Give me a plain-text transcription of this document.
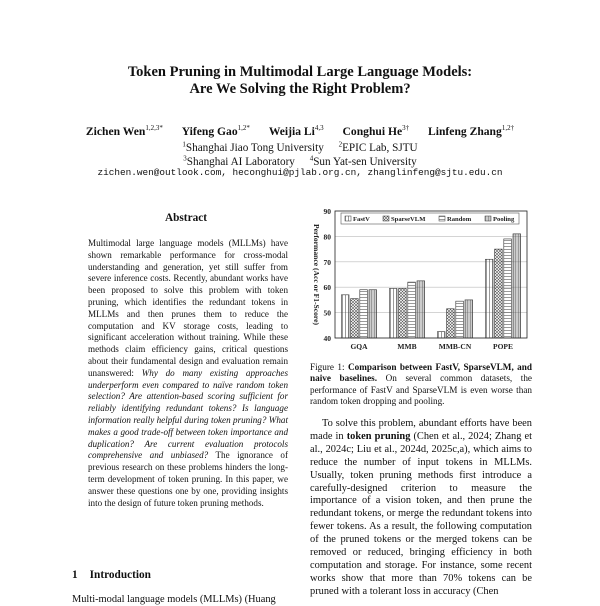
Token Pruning in Multimodal Large Language Models:
Are We Solving the Right Problem?
Zichen Wen$^{1,2,3*}$ Yifeng Gao$^{1,2*}$ Weijia Li$^{4,3}$ Conghui $He^{3\dagger}$ Linfeng Zhang$^{1,2\dagger}$
$^1$Shanghai Jiao Tong University $^2$EPIC Lab, SJTU
$^3$Shanghai AI Laboratory $^4$Sun Yat-sen University
zichen.wen@outlook.com, heconghui@pjlab.org.cn, zhanglinfeng@sjtu.edu.cn
Abstract
Multimodal large language models (MLLMs) have shown remarkable performance for cross-modal understanding and generation, yet still suffer from severe inference costs. Recently, abundant works have been proposed to solve this problem with token pruning, which identifies the redundant tokens in MLLMs and then prunes them to reduce the computation and KV storage costs, leading to significant acceleration without training. While these methods claim efficiency gains, critical questions about their fundamental design and evaluation remain unanswered: Why do many existing approaches underperform even compared to naïve random token selection? Are attention-based scoring sufficient for reliably identifying redundant tokens? Is language information really helpful during token pruning? What makes a good trade-off between token importance and duplication? Are current evaluation protocols comprehensive and unbiased? The ignorance of previous research on these problems hinders the long-term development of token pruning. In this paper, we answer these questions one by one, providing insights into the design of future token pruning methods.
1 Introduction
Multi-modal language models (MLLMs) (Huang
40
50
60
70
80
90
GQA	MMB	MMB-CN	POPE
FastV	SparseVLM	Random	Pooling
Performance (Acc or F1-Score)
Figure 1: Comparison between FastV, SparseVLM, and naive baselines. On several common datasets, the performance of FastV and SparseVLM is even worse than random token dropping and pooling.

To solve this problem, abundant efforts have been made in token pruning (Chen et al., 2024; Zhang et al., 2024c; Liu et al., 2024d, 2025c,a), which aims to reduce the number of input tokens in MLLMs. Usually, token pruning methods first introduce a carefully-designed criterion to measure the importance of a vision token, and then prune the redundant tokens, or merge the redundant tokens into fewer tokens. As a result, the following computation of the pruned tokens or the merged tokens can be removed or reduced, bringing efficiency in both computation and storage. For instance, some recent works show that more than 70% tokens can be pruned with a tolerant loss in accuracy (Chen
